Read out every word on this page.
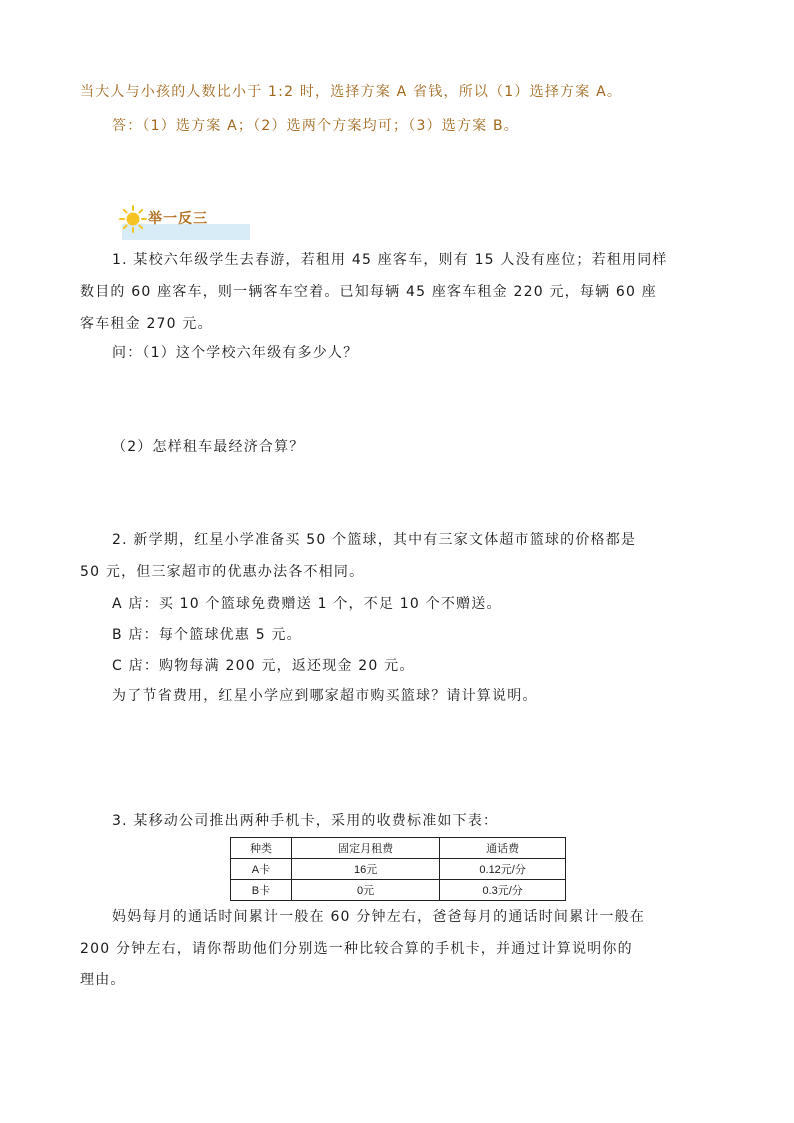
当大人与小孩的人数比小于 1:2 时，选择方案 A 省钱，所以（1）选择方案 A。
答：（1）选方案 A；（2）选两个方案均可；（3）选方案 B。
举一反三
1. 某校六年级学生去春游，若租用 45 座客车，则有 15 人没有座位；若租用同样
数目的 60 座客车，则一辆客车空着。已知每辆 45 座客车租金 220 元，每辆 60 座
客车租金 270 元。
问：（1）这个学校六年级有多少人？
（2）怎样租车最经济合算？
2. 新学期，红星小学准备买 50 个篮球，其中有三家文体超市篮球的价格都是
50 元，但三家超市的优惠办法各不相同。
A 店：买 10 个篮球免费赠送 1 个，不足 10 个不赠送。
B 店：每个篮球优惠 5 元。
C 店：购物每满 200 元，返还现金 20 元。
为了节省费用，红星小学应到哪家超市购买篮球？请计算说明。
3. 某移动公司推出两种手机卡，采用的收费标准如下表：
种类	固定月租费	通话费
A卡	16元	0.12元/分
B卡	0元	0.3元/分
妈妈每月的通话时间累计一般在 60 分钟左右，爸爸每月的通话时间累计一般在
200 分钟左右，请你帮助他们分别选一种比较合算的手机卡，并通过计算说明你的
理由。
